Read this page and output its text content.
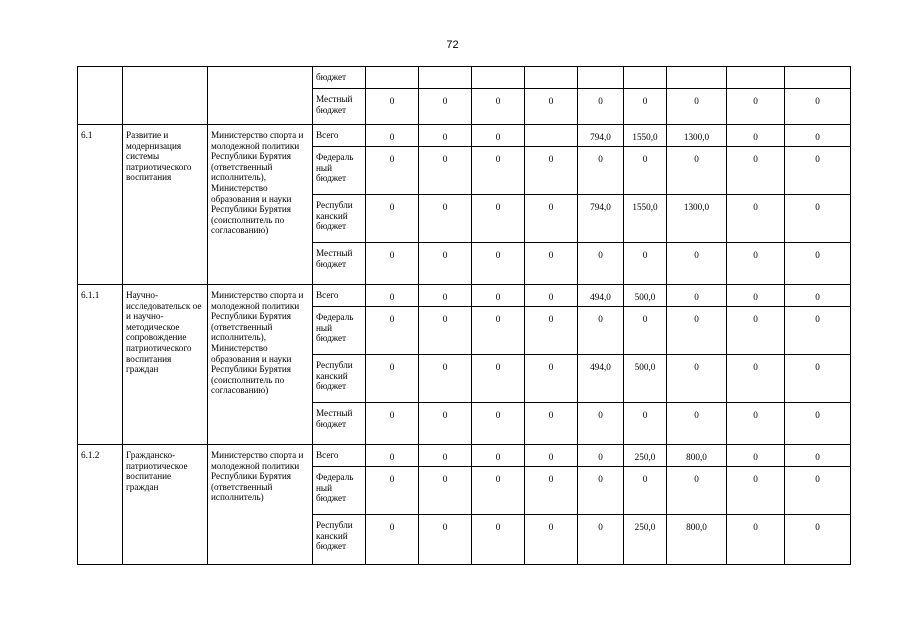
72
			бюджет									
			Местный бюджет	0	0	0	0	0	0	0	0	0
6.1	Развитие и модернизация системы патриотического воспитания	Министерство спорта и молодежной политики Республики Бурятия (ответственный исполнитель), Министерство образования и науки Республики Бурятия (соисполнитель по согласованию)	Всего	0	0	0		794,0	1550,0	1300,0	0	0
			Федераль ный бюджет	0	0	0	0	0	0	0	0	0
			Республи канский бюджет	0	0	0	0	794,0	1550,0	1300,0	0	0
			Местный бюджет	0	0	0	0	0	0	0	0	0
6.1.1	Научно-исследовательск ое и научно-методическое сопровождение патриотического воспитания граждан	Министерство спорта и молодежной политики Республики Бурятия (ответственный исполнитель), Министерство образования и науки Республики Бурятия (соисполнитель по согласованию)	Всего	0	0	0	0	494,0	500,0	0	0	0
			Федераль ный бюджет	0	0	0	0	0	0	0	0	0
			Республи канский бюджет	0	0	0	0	494,0	500,0	0	0	0
			Местный бюджет	0	0	0	0	0	0	0	0	0
6.1.2	Гражданско-патриотическое воспитание граждан	Министерство спорта и молодежной политики Республики Бурятия (ответственный исполнитель)	Всего	0	0	0	0	0	250,0	800,0	0	0
			Федераль ный бюджет	0	0	0	0	0	0	0	0	0
			Республи канский бюджет	0	0	0	0	0	250,0	800,0	0	0
